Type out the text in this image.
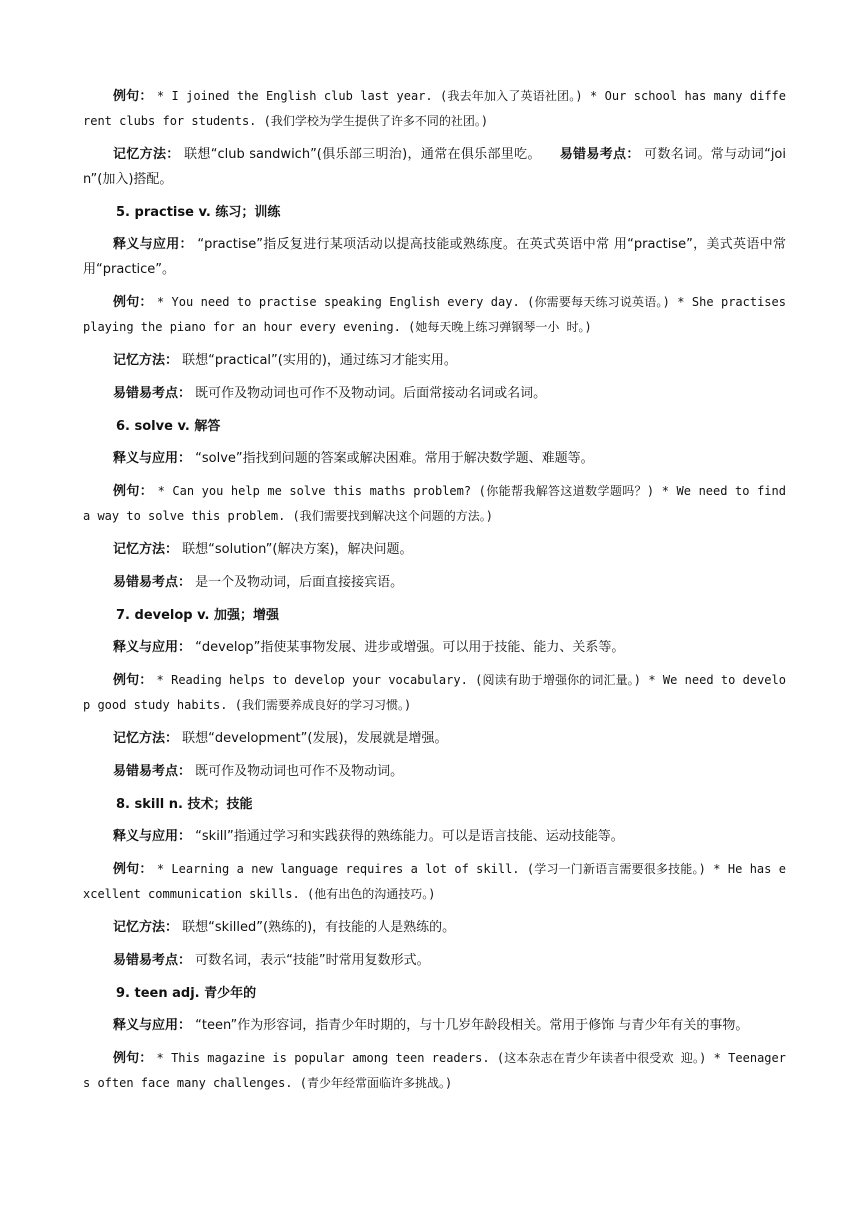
例句： * I joined the English club last year. (我去年加入了英语社团。) * Our school has many different clubs for students. (我们学校为学生提供了许多不同的社团。)

记忆方法： 联想“club sandwich”(俱乐部三明治)，通常在俱乐部里吃。 易错易考点： 可数名词。常与动词“join”(加入)搭配。

5. practise v. 练习；训练

释义与应用： “practise”指反复进行某项活动以提高技能或熟练度。在英式英语中常 用“practise”，美式英语中常用“practice”。

例句： * You need to practise speaking English every day. (你需要每天练习说英语。) * She practises playing the piano for an hour every evening. (她每天晚上练习弹钢琴一小 时。)

记忆方法： 联想“practical”(实用的)，通过练习才能实用。

易错易考点： 既可作及物动词也可作不及物动词。后面常接动名词或名词。

6. solve v. 解答

释义与应用： “solve”指找到问题的答案或解决困难。常用于解决数学题、难题等。

例句： * Can you help me solve this maths problem? (你能帮我解答这道数学题吗？) * We need to find a way to solve this problem. (我们需要找到解决这个问题的方法。)

记忆方法： 联想“solution”(解决方案)，解决问题。

易错易考点： 是一个及物动词，后面直接接宾语。

7. develop v. 加强；增强

释义与应用： “develop”指使某事物发展、进步或增强。可以用于技能、能力、关系等。

例句： * Reading helps to develop your vocabulary. (阅读有助于增强你的词汇量。) * We need to develop good study habits. (我们需要养成良好的学习习惯。)

记忆方法： 联想“development”(发展)，发展就是增强。

易错易考点： 既可作及物动词也可作不及物动词。

8. skill n. 技术；技能

释义与应用： “skill”指通过学习和实践获得的熟练能力。可以是语言技能、运动技能等。

例句： * Learning a new language requires a lot of skill. (学习一门新语言需要很多技能。) * He has excellent communication skills. (他有出色的沟通技巧。)

记忆方法： 联想“skilled”(熟练的)，有技能的人是熟练的。

易错易考点： 可数名词，表示“技能”时常用复数形式。

9. teen adj. 青少年的

释义与应用： “teen”作为形容词，指青少年时期的，与十几岁年龄段相关。常用于修饰 与青少年有关的事物。

例句： * This magazine is popular among teen readers. (这本杂志在青少年读者中很受欢 迎。) * Teenagers often face many challenges. (青少年经常面临许多挑战。)
